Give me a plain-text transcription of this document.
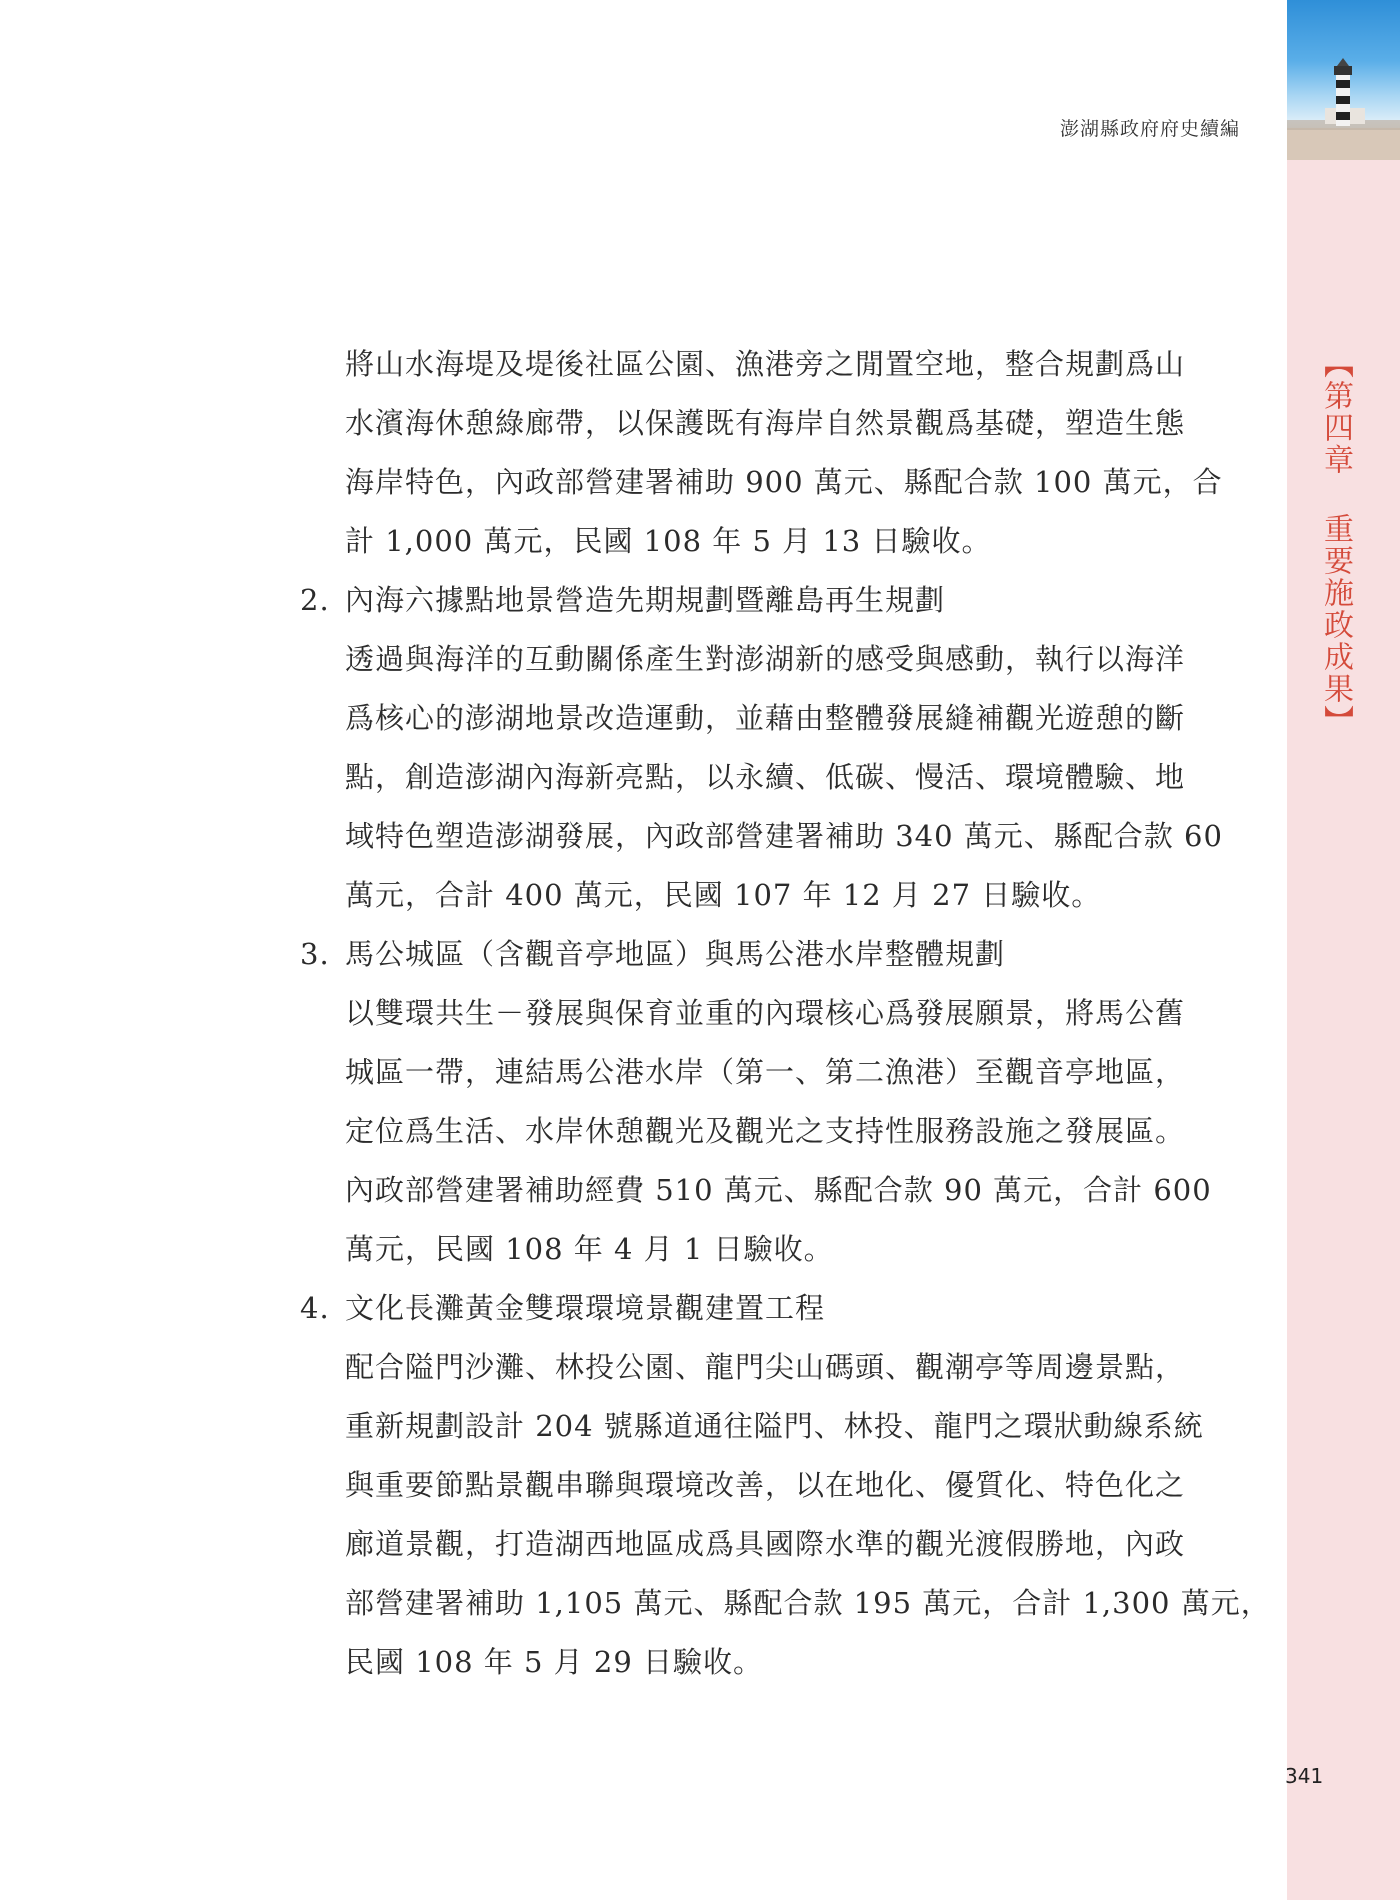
澎湖縣政府府史續編
【第四章 重要施政成果】
將山水海堤及堤後社區公園、漁港旁之閒置空地，整合規劃爲山
水濱海休憩綠廊帶，以保護既有海岸自然景觀爲基礎，塑造生態
海岸特色，內政部營建署補助 900 萬元、縣配合款 100 萬元，合
計 1,000 萬元，民國 108 年 5 月 13 日驗收。
2. 內海六據點地景營造先期規劃暨離島再生規劃
透過與海洋的互動關係產生對澎湖新的感受與感動，執行以海洋
爲核心的澎湖地景改造運動，並藉由整體發展縫補觀光遊憩的斷
點，創造澎湖內海新亮點，以永續、低碳、慢活、環境體驗、地
域特色塑造澎湖發展，內政部營建署補助 340 萬元、縣配合款 60
萬元，合計 400 萬元，民國 107 年 12 月 27 日驗收。
3. 馬公城區（含觀音亭地區）與馬公港水岸整體規劃
以雙環共生－發展與保育並重的內環核心爲發展願景，將馬公舊
城區一帶，連結馬公港水岸（第一、第二漁港）至觀音亭地區，
定位爲生活、水岸休憩觀光及觀光之支持性服務設施之發展區。
內政部營建署補助經費 510 萬元、縣配合款 90 萬元，合計 600
萬元，民國 108 年 4 月 1 日驗收。
4. 文化長灘黃金雙環環境景觀建置工程
配合隘門沙灘、林投公園、龍門尖山碼頭、觀潮亭等周邊景點，
重新規劃設計 204 號縣道通往隘門、林投、龍門之環狀動線系統
與重要節點景觀串聯與環境改善，以在地化、優質化、特色化之
廊道景觀，打造湖西地區成爲具國際水準的觀光渡假勝地，內政
部營建署補助 1,105 萬元、縣配合款 195 萬元，合計 1,300 萬元，
民國 108 年 5 月 29 日驗收。
341
